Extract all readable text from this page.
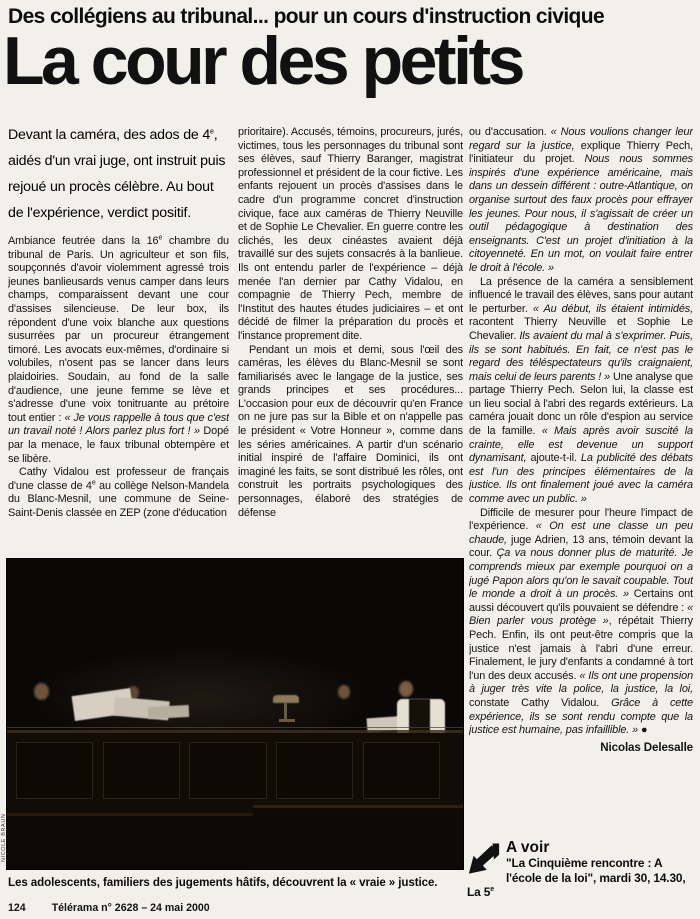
Des collégiens au tribunal... pour un cours d'instruction civique
La cour des petits
Devant la caméra, des ados de 4e, aidés d'un vrai juge, ont instruit puis rejoué un procès célèbre. Au bout de l'expérience, verdict positif.

Ambiance feutrée dans la 16e chambre du tribunal de Paris. Un agriculteur et son fils, soupçonnés d'avoir violemment agressé trois jeunes banlieusards venus camper dans leurs champs, comparaissent devant une cour d'assises silencieuse. De leur box, ils répondent d'une voix blanche aux questions susurrées par un procureur étrangement timoré. Les avocats eux-mêmes, d'ordinaire si volubiles, n'osent pas se lancer dans leurs plaidoiries. Soudain, au fond de la salle d'audience, une jeune femme se lève et s'adresse d'une voix tonitruante au prétoire tout entier : « Je vous rappelle à tous que c'est un travail noté ! Alors parlez plus fort ! » Dopé par la menace, le faux tribunal obtempère et se libère.

Cathy Vidalou est professeur de français d'une classe de 4e au collège Nelson-Mandela du Blanc-Mesnil, une commune de Seine-Saint-Denis classée en ZEP (zone d'éducation

prioritaire). Accusés, témoins, procureurs, jurés, victimes, tous les personnages du tribunal sont ses élèves, sauf Thierry Baranger, magistrat professionnel et président de la cour fictive. Les enfants rejouent un procès d'assises dans le cadre d'un programme concret d'instruction civique, face aux caméras de Thierry Neuville et de Sophie Le Chevalier. En guerre contre les clichés, les deux cinéastes avaient déjà travaillé sur des sujets consacrés à la banlieue. Ils ont entendu parler de l'expérience – déjà menée l'an dernier par Cathy Vidalou, en compagnie de Thierry Pech, membre de l'Institut des hautes études judiciaires – et ont décidé de filmer la préparation du procès et l'instance proprement dite.

Pendant un mois et demi, sous l'œil des caméras, les élèves du Blanc-Mesnil se sont familiarisés avec le langage de la justice, ses grands principes et ses procédures... L'occasion pour eux de découvrir qu'en France on ne jure pas sur la Bible et on n'appelle pas le président « Votre Honneur », comme dans les séries américaines. A partir d'un scénario initial inspiré de l'affaire Dominici, ils ont imaginé les faits, se sont distribué les rôles, ont construit les portraits psychologiques des personnages, élaboré des stratégies de défense

ou d'accusation. « Nous voulions changer leur regard sur la justice, explique Thierry Pech, l'initiateur du projet. Nous nous sommes inspirés d'une expérience américaine, mais dans un dessein différent : outre-Atlantique, on organise surtout des faux procès pour effrayer les jeunes. Pour nous, il s'agissait de créer un outil pédagogique à destination des enseignants. C'est un projet d'initiation à la citoyenneté. En un mot, on voulait faire entrer le droit à l'école. »

La présence de la caméra a sensiblement influencé le travail des élèves, sans pour autant le perturber. « Au début, ils étaient intimidés, racontent Thierry Neuville et Sophie Le Chevalier. Ils avaient du mal à s'exprimer. Puis, ils se sont habitués. En fait, ce n'est pas le regard des téléspectateurs qu'ils craignaient, mais celui de leurs parents ! » Une analyse que partage Thierry Pech. Selon lui, la classe est un lieu social à l'abri des regards extérieurs. La caméra jouait donc un rôle d'espion au service de la famille. « Mais après avoir suscité la crainte, elle est devenue un support dynamisant, ajoute-t-il. La publicité des débats est l'un des principes élémentaires de la justice. Ils ont finalement joué avec la caméra comme avec un public. »

Difficile de mesurer pour l'heure l'impact de l'expérience. « On est une classe un peu chaude, juge Adrien, 13 ans, témoin devant la cour. Ça va nous donner plus de maturité. Je comprends mieux par exemple pourquoi on a jugé Papon alors qu'on le savait coupable. Tout le monde a droit à un procès. » Certains ont aussi découvert qu'ils pouvaient se défendre : « Bien parler vous protège », répétait Thierry Pech. Enfin, ils ont peut-être compris que la justice n'est jamais à l'abri d'une erreur. Finalement, le jury d'enfants a condamné à tort l'un des deux accusés. « Ils ont une propension à juger très vite la police, la justice, la loi, constate Cathy Vidalou. Grâce à cette expérience, ils se sont rendu compte que la justice est humaine, pas infaillible. » ●

Nicolas Delesalle
NICOLE BRAUN
Les adolescents, familiers des jugements hâtifs, découvrent la « vraie » justice.
A voir
"La Cinquième rencontre : A l'école de la loi", mardi 30, 14.30, La 5e
124 Télérama n° 2628 – 24 mai 2000
